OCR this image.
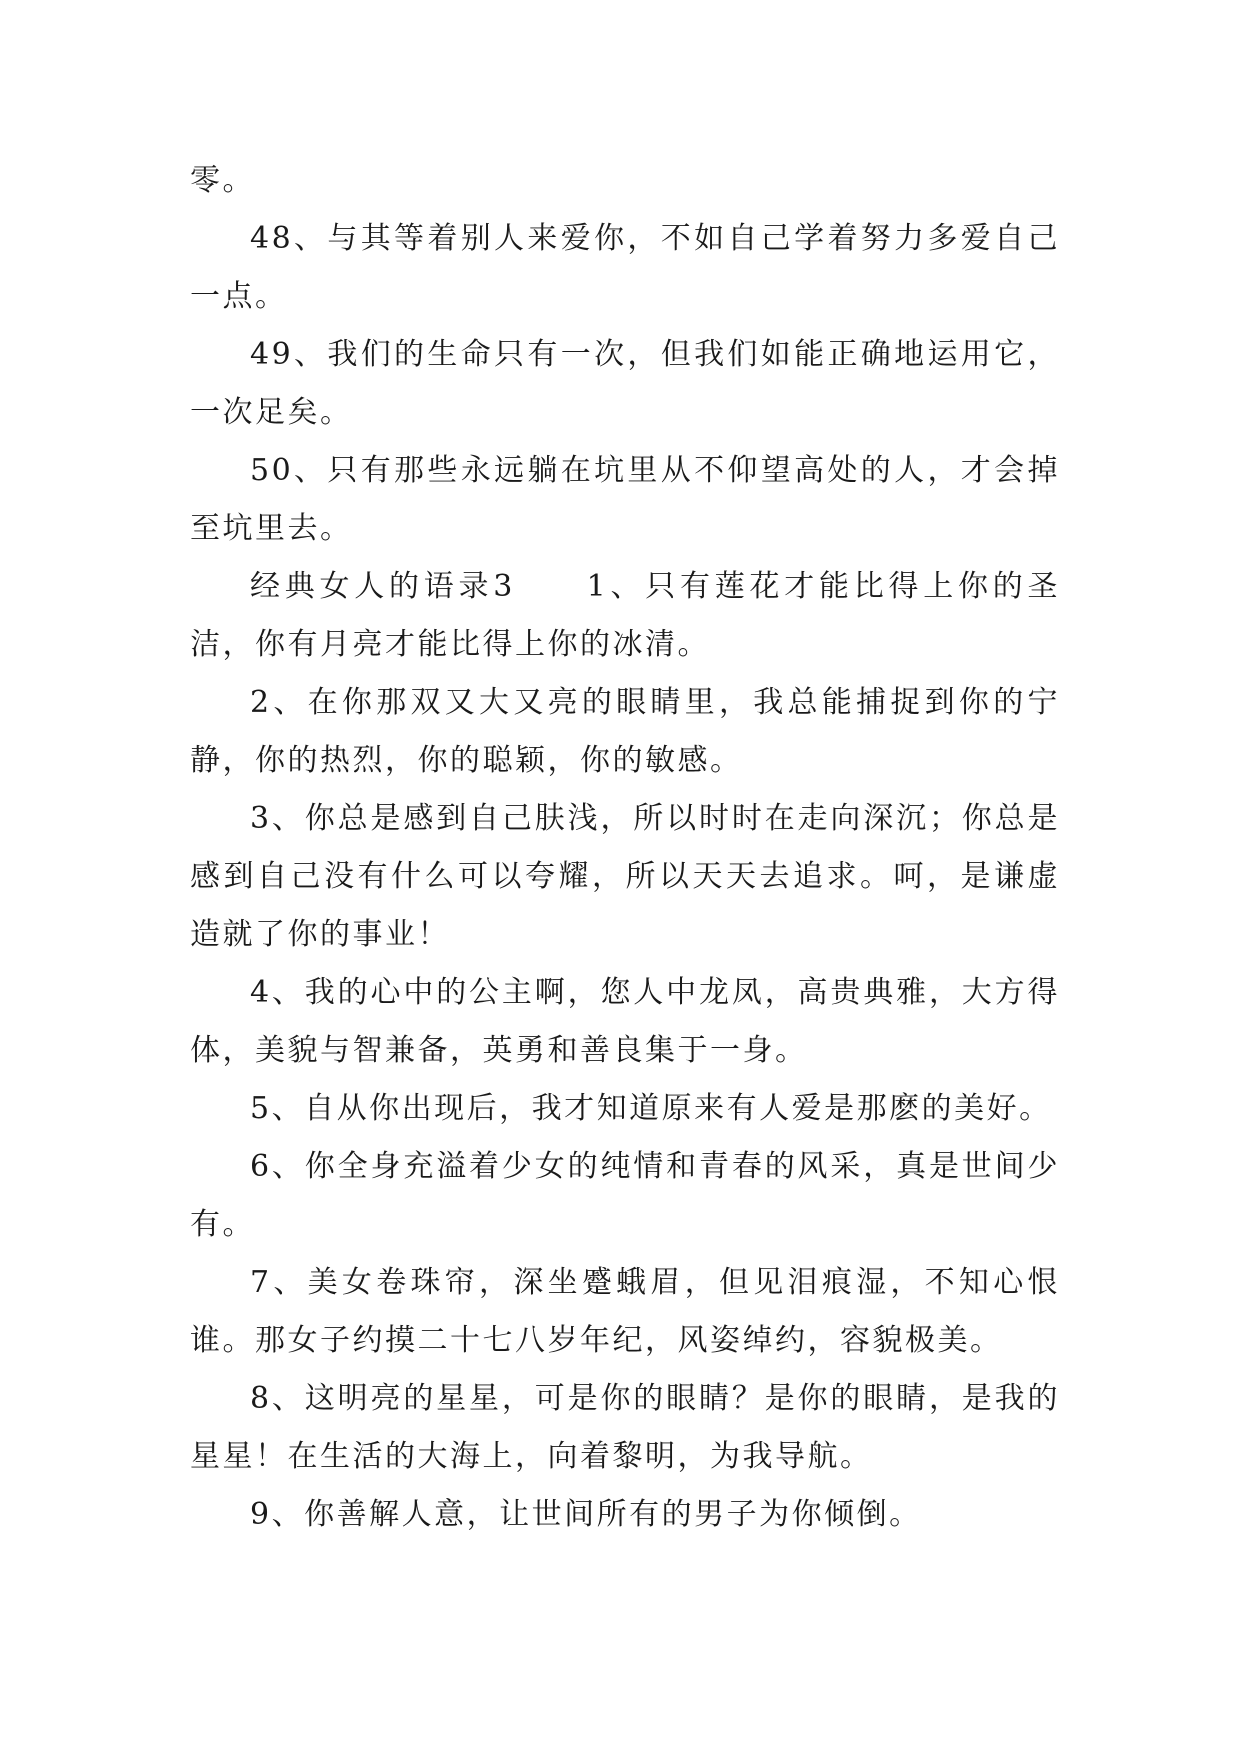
零。

48、与其等着别人来爱你，不如自己学着努力多爱自己一点。

49、我们的生命只有一次，但我们如能正确地运用它，一次足矣。

50、只有那些永远躺在坑里从不仰望高处的人，才会掉至坑里去。

经典女人的语录3　　1、只有莲花才能比得上你的圣洁，你有月亮才能比得上你的冰清。

2、在你那双又大又亮的眼睛里，我总能捕捉到你的宁静，你的热烈，你的聪颖，你的敏感。

3、你总是感到自己肤浅，所以时时在走向深沉；你总是感到自己没有什么可以夸耀，所以天天去追求。呵，是谦虚造就了你的事业！

4、我的心中的公主啊，您人中龙凤，高贵典雅，大方得体，美貌与智兼备，英勇和善良集于一身。

5、自从你出现后，我才知道原来有人爱是那麽的美好。

6、你全身充溢着少女的纯情和青春的风采，真是世间少有。

7、美女卷珠帘，深坐蹙蛾眉，但见泪痕湿，不知心恨谁。那女子约摸二十七八岁年纪，风姿绰约，容貌极美。

8、这明亮的星星，可是你的眼睛？是你的眼睛，是我的星星！在生活的大海上，向着黎明，为我导航。

9、你善解人意，让世间所有的男子为你倾倒。
